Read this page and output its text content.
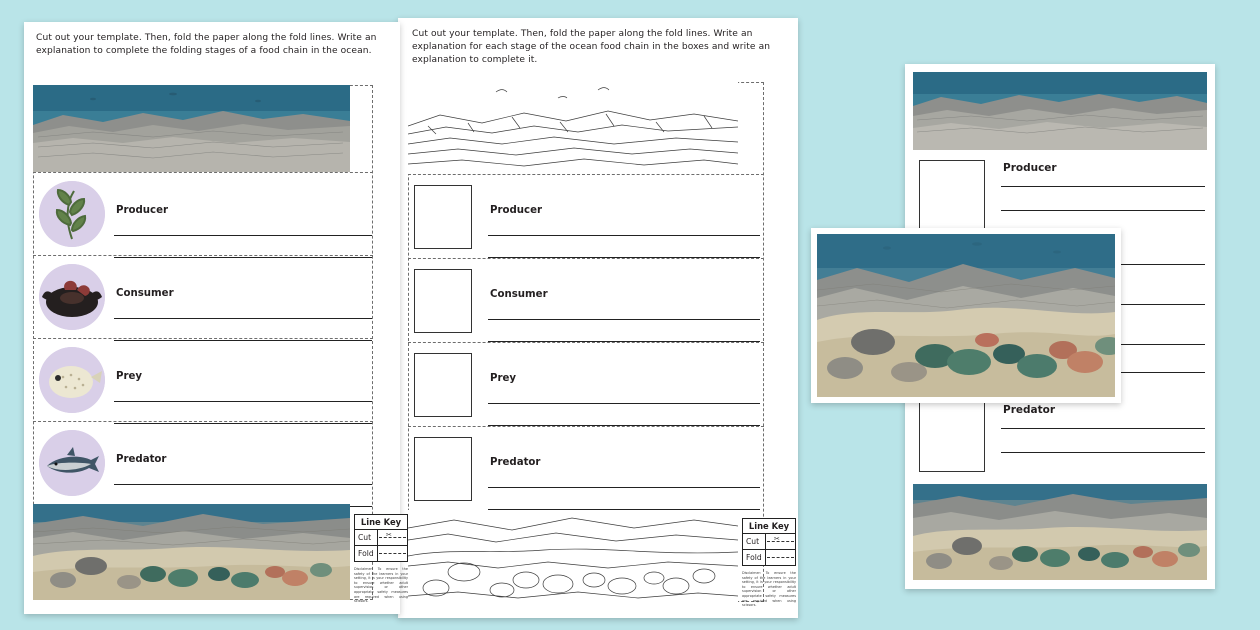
Cut out your template. Then, fold the paper along the fold lines. Write an explanation to complete the folding stages of a food chain in the ocean.
Producer
Consumer
Prey
Predator
Line Key
Cut
✂
Fold
Disclaimer: To ensure the safety of the learners in your setting, it is your responsibility to ensure whether adult supervision or other appropriate safety measures are required when using scissors.
Cut out your template. Then, fold the paper along the fold lines. Write an explanation for each stage of the ocean food chain in the boxes and write an explanation to complete it.
Producer
Consumer
Prey
Predator
Line Key
Cut
✂
Fold
Disclaimer: To ensure the safety of the learners in your setting, it is your responsibility to ensure whether adult supervision or other appropriate safety measures are required when using scissors.
Producer
Predator
